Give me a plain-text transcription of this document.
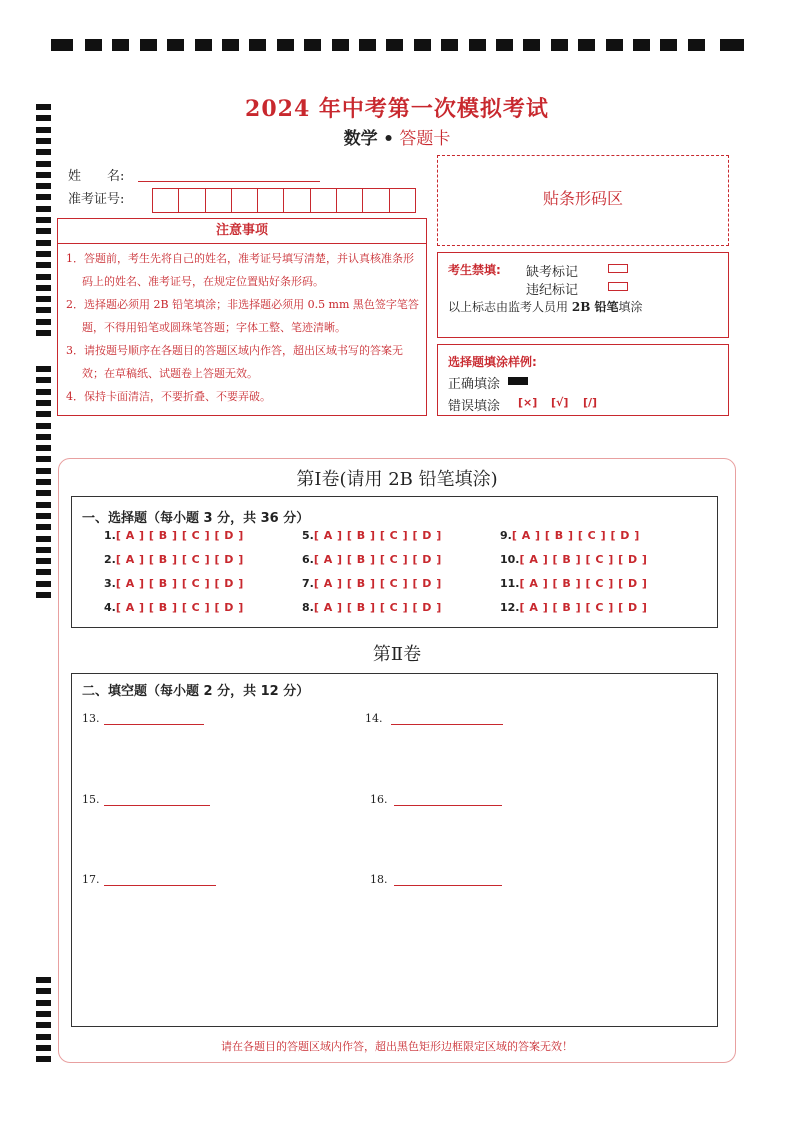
2024 年中考第一次模拟考试
数学 • 答题卡
姓　　名:
准考证号:	贴条形码区
注意事项

1．答题前，考生先将自己的姓名，准考证号填写清楚，并认真核准条形码上的姓名、准考证号，在规定位置贴好条形码。

2．选择题必须用 2B 铅笔填涂；非选择题必须用 0.5 mm 黑色签字笔答题，不得用铅笔或圆珠笔答题；字体工整、笔迹清晰。

3．请按题号顺序在各题目的答题区域内作答，超出区域书写的答案无效；在草稿纸、试题卷上答题无效。

4．保持卡面清洁，不要折叠、不要弄破。

考生禁填: 缺考标记
违纪标记
以上标志由监考人员用 2B 铅笔填涂
选择题填涂样例:
正确填涂
错误填涂 [×] [√] [/]
第Ⅰ卷(请用 2B 铅笔填涂)
一、选择题（每小题 3 分，共 36 分）
1.[ A ] [ B ] [ C ] [ D ]
2.[ A ] [ B ] [ C ] [ D ]
3.[ A ] [ B ] [ C ] [ D ]
4.[ A ] [ B ] [ C ] [ D ]
5.[ A ] [ B ] [ C ] [ D ]
6.[ A ] [ B ] [ C ] [ D ]
7.[ A ] [ B ] [ C ] [ D ]
8.[ A ] [ B ] [ C ] [ D ]
9.[ A ] [ B ] [ C ] [ D ]
10.[ A ] [ B ] [ C ] [ D ]
11.[ A ] [ B ] [ C ] [ D ]
12.[ A ] [ B ] [ C ] [ D ]
第Ⅱ卷
二、填空题（每小题 2 分，共 12 分）
13.	14.
15.	16.
17.	18.
请在各题目的答题区域内作答，超出黑色矩形边框限定区域的答案无效！
